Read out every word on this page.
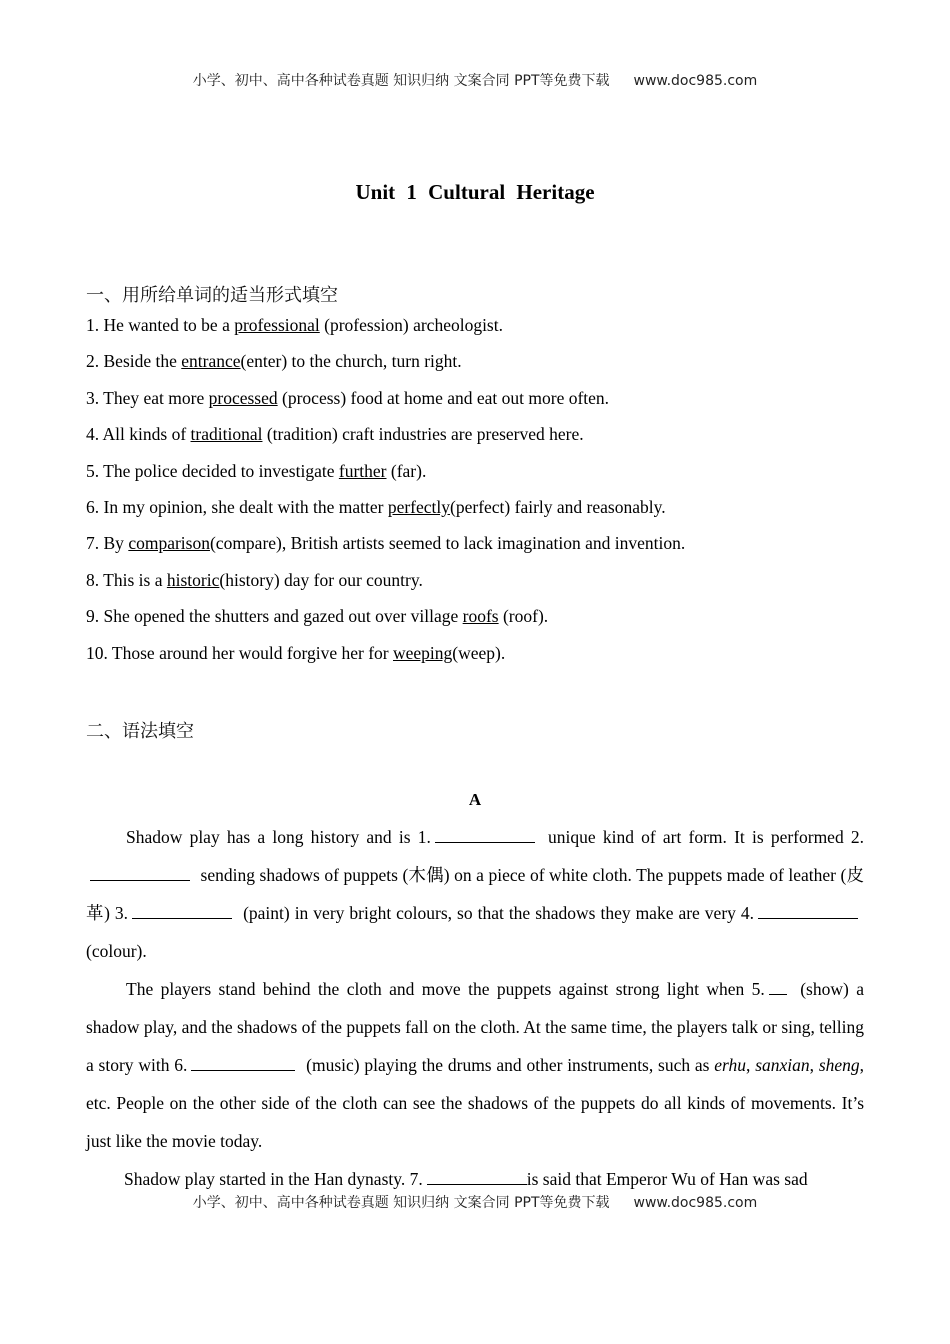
小学、初中、高中各种试卷真题 知识归纳 文案合同 PPT等免费下载 www.doc985.com
Unit 1 Cultural Heritage
一、用所给单词的适当形式填空
1. He wanted to be a professional (profession) archeologist.
2. Beside the entrance(enter) to the church, turn right.
3. They eat more processed (process) food at home and eat out more often.
4. All kinds of traditional (tradition) craft industries are preserved here.
5. The police decided to investigate further (far).
6. In my opinion, she dealt with the matter perfectly(perfect) fairly and reasonably.
7. By comparison(compare), British artists seemed to lack imagination and invention.
8. This is a historic(history) day for our country.
9. She opened the shutters and gazed out over village roofs (roof).
10. Those around her would forgive her for weeping(weep).
二、语法填空
A

Shadow play has a long history and is 1.	unique kind of art form. It is performed 2. sending shadows of puppets (木偶) on a piece of white cloth. The puppets made of leather (皮革) 3.	(paint) in very bright colours, so that the shadows they make are very 4. (colour).

The players stand behind the cloth and move the puppets against strong light when 5. (show) a shadow play, and the shadows of the puppets fall on the cloth. At the same time, the players talk or sing, telling a story with 6.	(music) playing the drums and other instruments, such as erhu, sanxian, sheng, etc. People on the other side of the cloth can see the shadows of the puppets do all kinds of movements. It’s just like the movie today.

Shadow play started in the Han dynasty. 7.	is said that Emperor Wu of Han was sad

小学、初中、高中各种试卷真题 知识归纳 文案合同 PPT等免费下载 www.doc985.com
